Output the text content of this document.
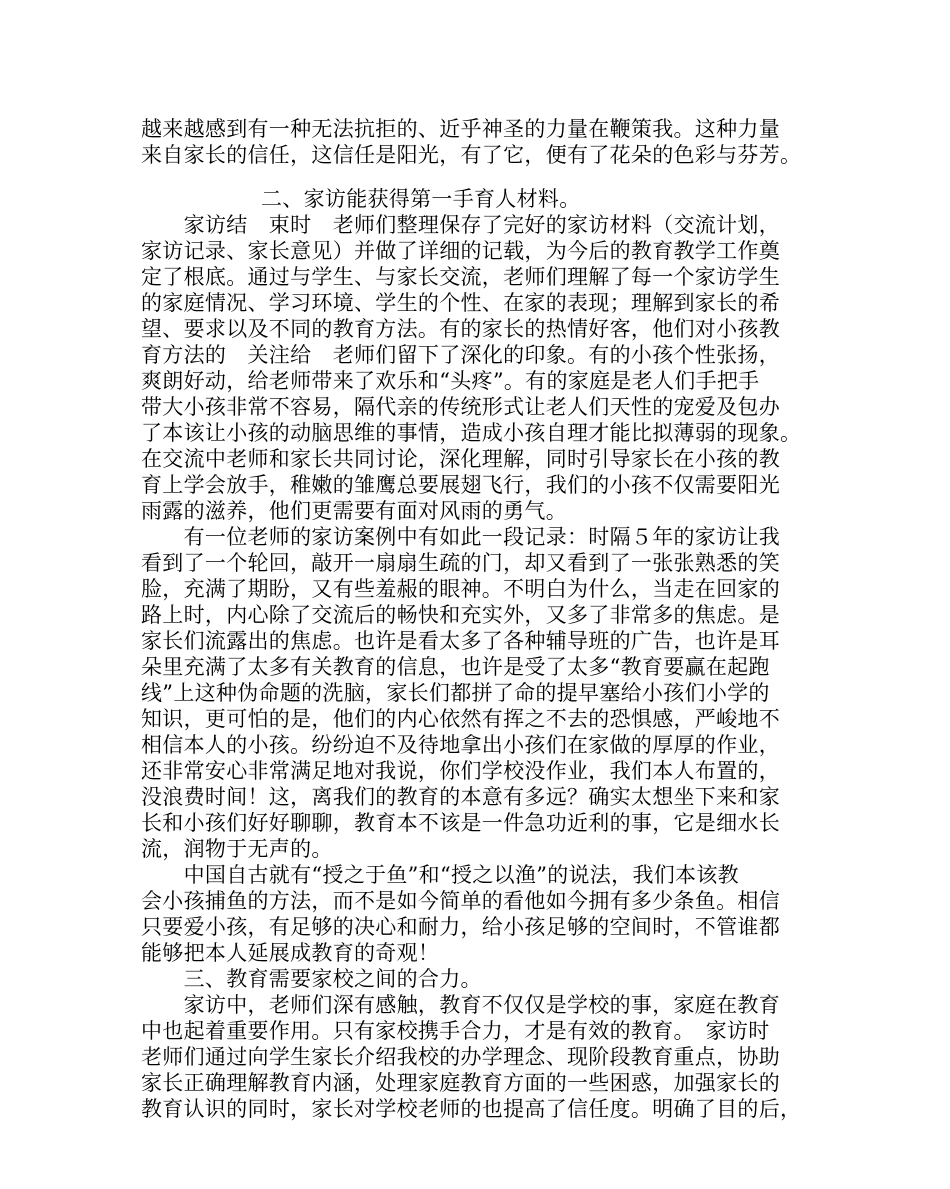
越来越感到有一种无法抗拒的、近乎神圣的力量在鞭策我。这种力量
来自家长的信任，这信任是阳光，有了它，便有了花朵的色彩与芬芳。
二、家访能获得第一手育人材料。
　　家访结　束时　老师们整理保存了完好的家访材料（交流计划，
家访记录、家长意见）并做了详细的记载，为今后的教育教学工作奠
定了根底。通过与学生、与家长交流，老师们理解了每一个家访学生
的家庭情况、学习环境、学生的个性、在家的表现；理解到家长的希
望、要求以及不同的教育方法。有的家长的热情好客，他们对小孩教
育方法的　关注给　老师们留下了深化的印象。有的小孩个性张扬，
爽朗好动，给老师带来了欢乐和“头疼”。有的家庭是老人们手把手
带大小孩非常不容易，隔代亲的传统形式让老人们天性的宠爱及包办
了本该让小孩的动脑思维的事情，造成小孩自理才能比拟薄弱的现象。
在交流中老师和家长共同讨论，深化理解，同时引导家长在小孩的教
育上学会放手，稚嫩的雏鹰总要展翅飞行，我们的小孩不仅需要阳光
雨露的滋养，他们更需要有面对风雨的勇气。
　　有一位老师的家访案例中有如此一段记录：时隔５年的家访让我
看到了一个轮回，敲开一扇扇生疏的门，却又看到了一张张熟悉的笑
脸，充满了期盼，又有些羞赧的眼神。不明白为什么，当走在回家的
路上时，内心除了交流后的畅快和充实外，又多了非常多的焦虑。是
家长们流露出的焦虑。也许是看太多了各种辅导班的广告，也许是耳
朵里充满了太多有关教育的信息，也许是受了太多“教育要赢在起跑
线”上这种伪命题的洗脑，家长们都拼了命的提早塞给小孩们小学的
知识，更可怕的是，他们的内心依然有挥之不去的恐惧感，严峻地不
相信本人的小孩。纷纷迫不及待地拿出小孩们在家做的厚厚的作业，
还非常安心非常满足地对我说，你们学校没作业，我们本人布置的，
没浪费时间！这，离我们的教育的本意有多远？确实太想坐下来和家
长和小孩们好好聊聊，教育本不该是一件急功近利的事，它是细水长
流，润物于无声的。
　　中国自古就有“授之于鱼”和“授之以渔”的说法，我们本该教
会小孩捕鱼的方法，而不是如今简单的看他如今拥有多少条鱼。相信
只要爱小孩，有足够的决心和耐力，给小孩足够的空间时，不管谁都
能够把本人延展成教育的奇观！
　　三、教育需要家校之间的合力。
　　家访中，老师们深有感触，教育不仅仅是学校的事，家庭在教育
中也起着重要作用。只有家校携手合力，才是有效的教育。　家访时
老师们通过向学生家长介绍我校的办学理念、现阶段教育重点，协助
家长正确理解教育内涵，处理家庭教育方面的一些困惑，加强家长的
教育认识的同时，家长对学校老师的也提高了信任度。明确了目的后，
